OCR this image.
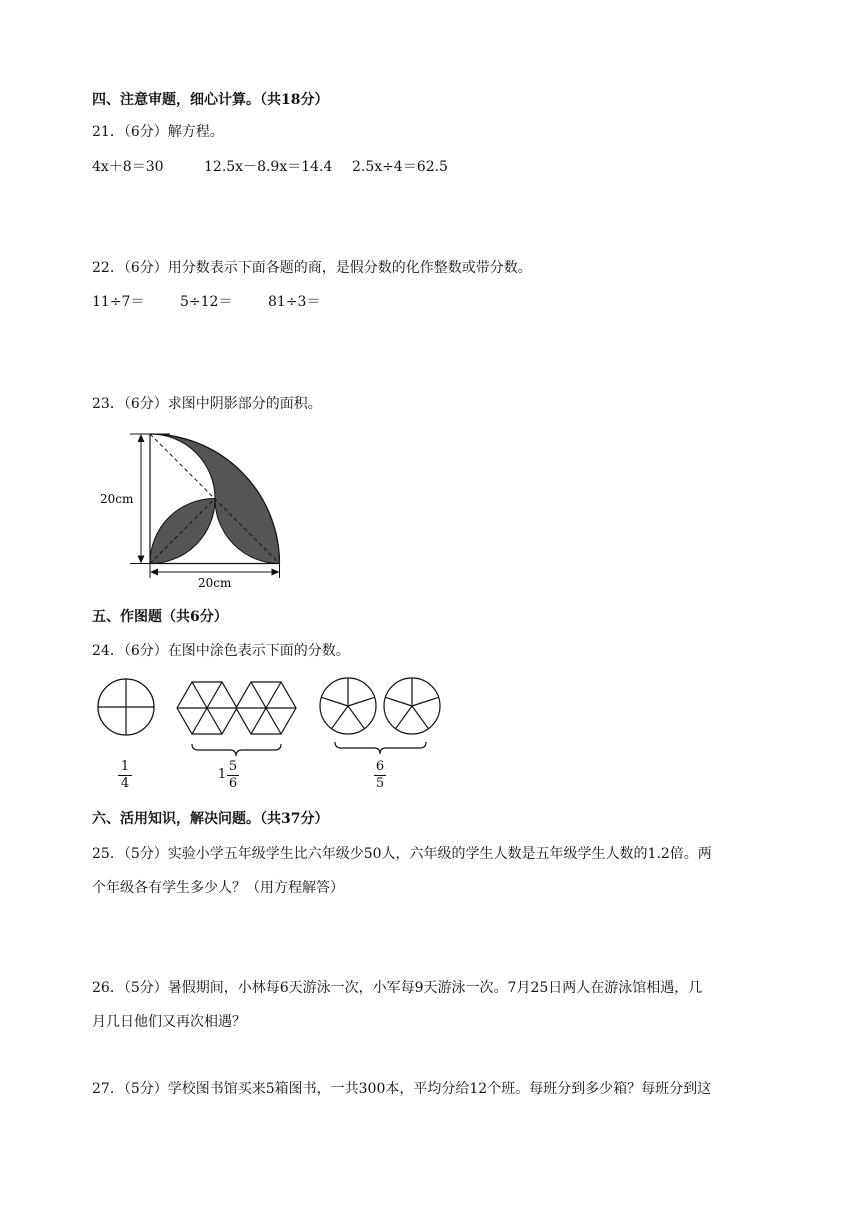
四、注意审题，细心计算。（共18分）
21．（6分）解方程。
4x＋8＝30	12.5x－8.9x＝14.4 2.5x÷4＝62.5
22．（6分）用分数表示下面各题的商，是假分数的化作整数或带分数。
11÷7＝	5÷12＝	81÷3＝
23．（6分）求图中阴影部分的面积。
20cm
20cm
五、作图题（共6分）
24．（6分）在图中涂色表示下面的分数。
1
4
1
5
6
6
5
六、活用知识，解决问题。（共37分）
25．（5分）实验小学五年级学生比六年级少50人，六年级的学生人数是五年级学生人数的1.2倍。两
个年级各有学生多少人？（用方程解答）
26．（5分）暑假期间，小林每6天游泳一次，小军每9天游泳一次。7月25日两人在游泳馆相遇，几
月几日他们又再次相遇？
27．（5分）学校图书馆买来5箱图书，一共300本，平均分给12个班。每班分到多少箱？每班分到这
